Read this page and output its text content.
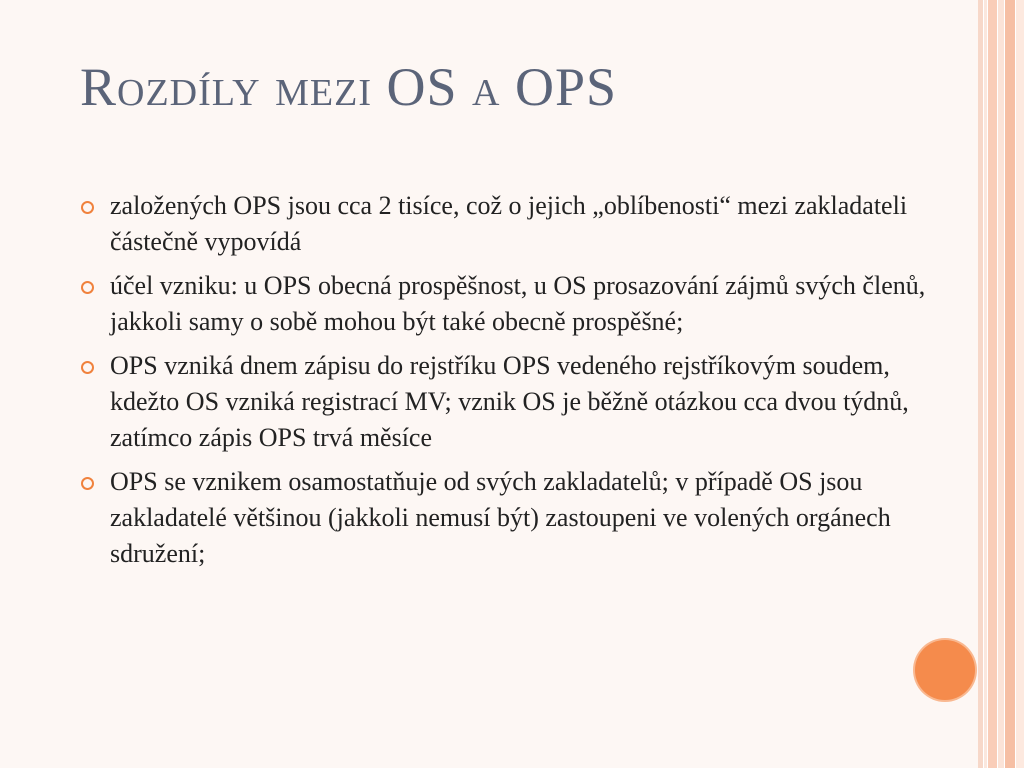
Rozdíly mezi OS a OPS
založených OPS jsou cca 2 tisíce, což o jejich „oblíbenosti“ mezi zakladateli částečně vypovídá
účel vzniku: u OPS obecná prospěšnost, u OS prosazování zájmů svých členů, jakkoli samy o sobě mohou být také obecně prospěšné;
OPS vzniká dnem zápisu do rejstříku OPS vedeného rejstříkovým soudem, kdežto OS vzniká registrací MV; vznik OS je běžně otázkou cca dvou týdnů, zatímco zápis OPS trvá měsíce
OPS se vznikem osamostatňuje od svých zakladatelů; v případě OS jsou zakladatelé většinou (jakkoli nemusí být) zastoupeni ve volených orgánech sdružení;
